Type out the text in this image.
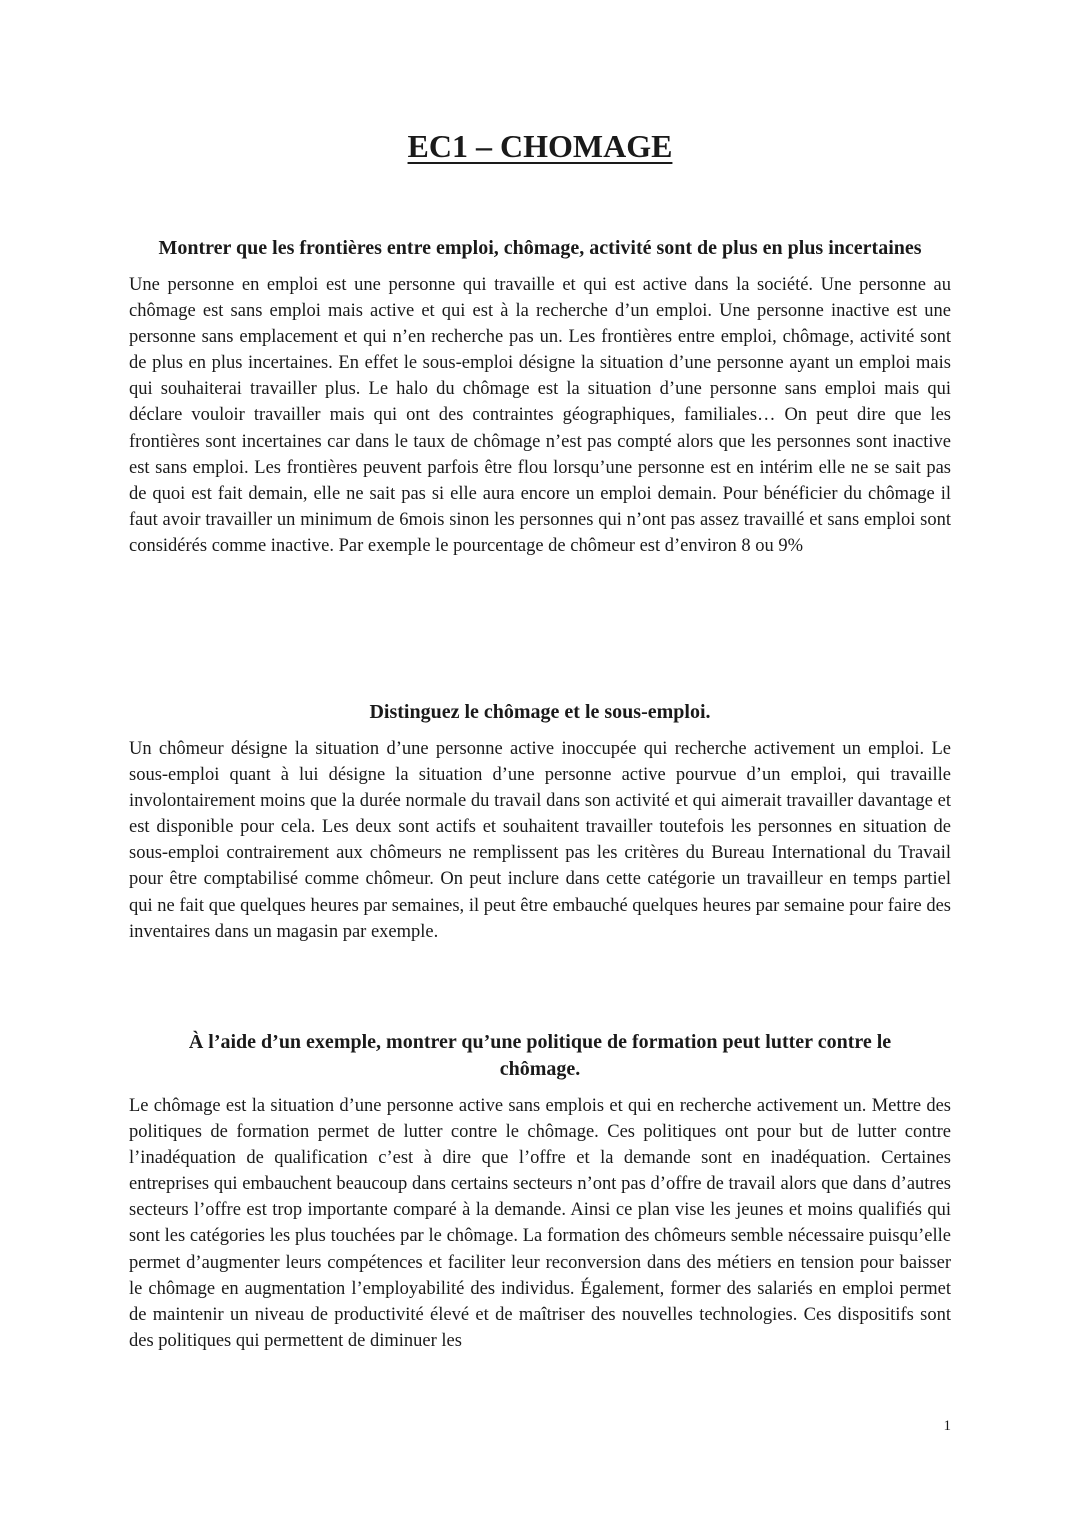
EC1 – CHOMAGE
Montrer que les frontières entre emploi, chômage, activité sont de plus en plus incertaines

Une personne en emploi est une personne qui travaille et qui est active dans la société. Une personne au chômage est sans emploi mais active et qui est à la recherche d’un emploi. Une personne inactive est une personne sans emplacement et qui n’en recherche pas un. Les frontières entre emploi, chômage, activité sont de plus en plus incertaines. En effet le sous-emploi désigne la situation d’une personne ayant un emploi mais qui souhaiterai travailler plus. Le halo du chômage est la situation d’une personne sans emploi mais qui déclare vouloir travailler mais qui ont des contraintes géographiques, familiales… On peut dire que les frontières sont incertaines car dans le taux de chômage n’est pas compté alors que les personnes sont inactive est sans emploi. Les frontières peuvent parfois être flou lorsqu’une personne est en intérim elle ne se sait pas de quoi est fait demain, elle ne sait pas si elle aura encore un emploi demain. Pour bénéficier du chômage il faut avoir travailler un minimum de 6mois sinon les personnes qui n’ont pas assez travaillé et sans emploi sont considérés comme inactive. Par exemple le pourcentage de chômeur est d’environ 8 ou 9%

Distinguez le chômage et le sous-emploi.

Un chômeur désigne la situation d’une personne active inoccupée qui recherche activement un emploi. Le sous-emploi quant à lui désigne la situation d’une personne active pourvue d’un emploi, qui travaille involontairement moins que la durée normale du travail dans son activité et qui aimerait travailler davantage et est disponible pour cela. Les deux sont actifs et souhaitent travailler toutefois les personnes en situation de sous-emploi contrairement aux chômeurs ne remplissent pas les critères du Bureau International du Travail pour être comptabilisé comme chômeur. On peut inclure dans cette catégorie un travailleur en temps partiel qui ne fait que quelques heures par semaines, il peut être embauché quelques heures par semaine pour faire des inventaires dans un magasin par exemple.

À l’aide d’un exemple, montrer qu’une politique de formation peut lutter contre le chômage.

Le chômage est la situation d’une personne active sans emplois et qui en recherche activement un. Mettre des politiques de formation permet de lutter contre le chômage. Ces politiques ont pour but de lutter contre l’inadéquation de qualification c’est à dire que l’offre et la demande sont en inadéquation. Certaines entreprises qui embauchent beaucoup dans certains secteurs n’ont pas d’offre de travail alors que dans d’autres secteurs l’offre est trop importante comparé à la demande. Ainsi ce plan vise les jeunes et moins qualifiés qui sont les catégories les plus touchées par le chômage. La formation des chômeurs semble nécessaire puisqu’elle permet d’augmenter leurs compétences et faciliter leur reconversion dans des métiers en tension pour baisser le chômage en augmentation l’employabilité des individus. Également, former des salariés en emploi permet de maintenir un niveau de productivité élevé et de maîtriser des nouvelles technologies. Ces dispositifs sont des politiques qui permettent de diminuer les

1
